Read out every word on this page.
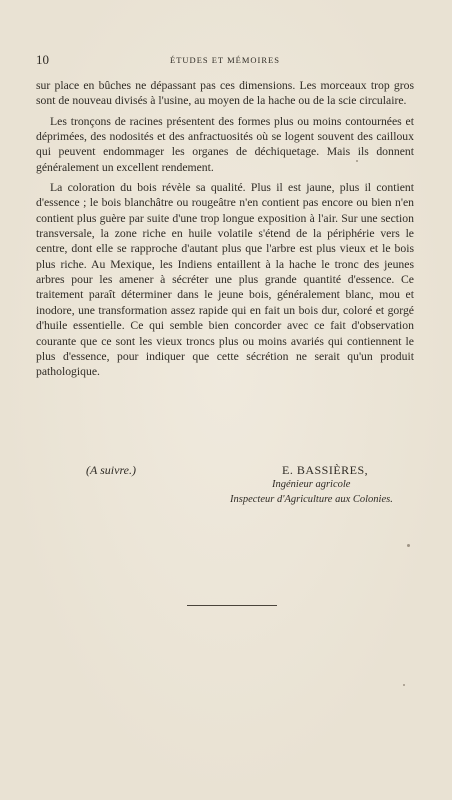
10	ÉTUDES ET MÉMOIRES

sur place en bûches ne dépassant pas ces dimensions. Les morceaux trop gros sont de nouveau divisés à l'usine, au moyen de la hache ou de la scie circulaire.

Les tronçons de racines présentent des formes plus ou moins contournées et déprimées, des nodosités et des anfractuosités où se logent souvent des cailloux qui peuvent endommager les organes de déchiquetage. Mais ils donnent généralement un excellent rendement.

La coloration du bois révèle sa qualité. Plus il est jaune, plus il contient d'essence ; le bois blanchâtre ou rougeâtre n'en contient pas encore ou bien n'en contient plus guère par suite d'une trop longue exposition à l'air. Sur une section transversale, la zone riche en huile volatile s'étend de la périphérie vers le centre, dont elle se rapproche d'autant plus que l'arbre est plus vieux et le bois plus riche. Au Mexique, les Indiens entaillent à la hache le tronc des jeunes arbres pour les amener à sécréter une plus grande quantité d'essence. Ce traitement paraît déterminer dans le jeune bois, généralement blanc, mou et inodore, une transformation assez rapide qui en fait un bois dur, coloré et gorgé d'huile essentielle. Ce qui semble bien concorder avec ce fait d'observation courante que ce sont les vieux troncs plus ou moins avariés qui contiennent le plus d'essence, pour indiquer que cette sécrétion ne serait qu'un produit pathologique.

(A suivre.)	E. BASSIÈRES,
Ingénieur agricole
Inspecteur d'Agriculture aux Colonies.
